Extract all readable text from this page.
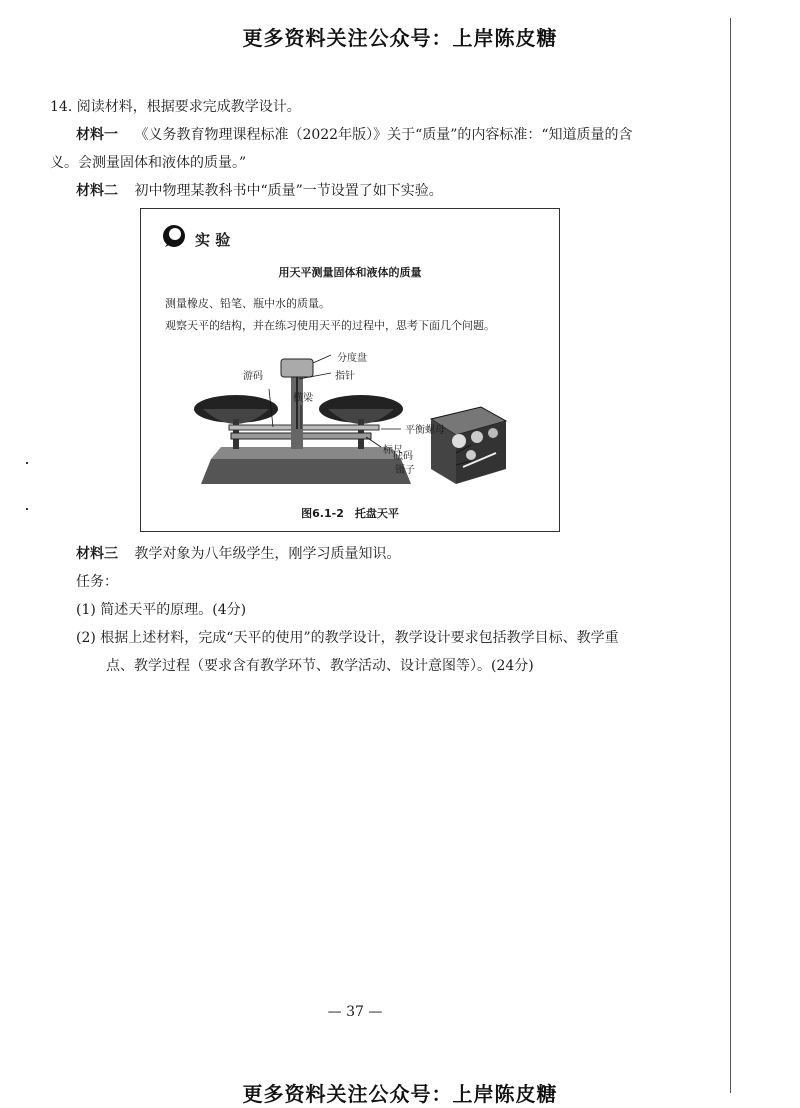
更多资料关注公众号：上岸陈皮糖
14. 阅读材料，根据要求完成教学设计。
材料一 《义务教育物理课程标准（2022年版）》关于“质量”的内容标准：“知道质量的含
义。会测量固体和液体的质量。”
材料二 初中物理某教科书中“质量”一节设置了如下实验。
实 验
用天平测量固体和液体的质量
测量橡皮、铅笔、瓶中水的质量。
观察天平的结构，并在练习使用天平的过程中，思考下面几个问题。
分度盘
指针
游码
横梁
平衡螺母
标尺
砝码
镊子
图6.1-2　托盘天平
材料三 教学对象为八年级学生，刚学习质量知识。
任务：
(1) 简述天平的原理。(4分)
(2) 根据上述材料，完成“天平的使用”的教学设计，教学设计要求包括教学目标、教学重
点、教学过程（要求含有教学环节、教学活动、设计意图等）。(24分)
— 37 —
更多资料关注公众号：上岸陈皮糖
